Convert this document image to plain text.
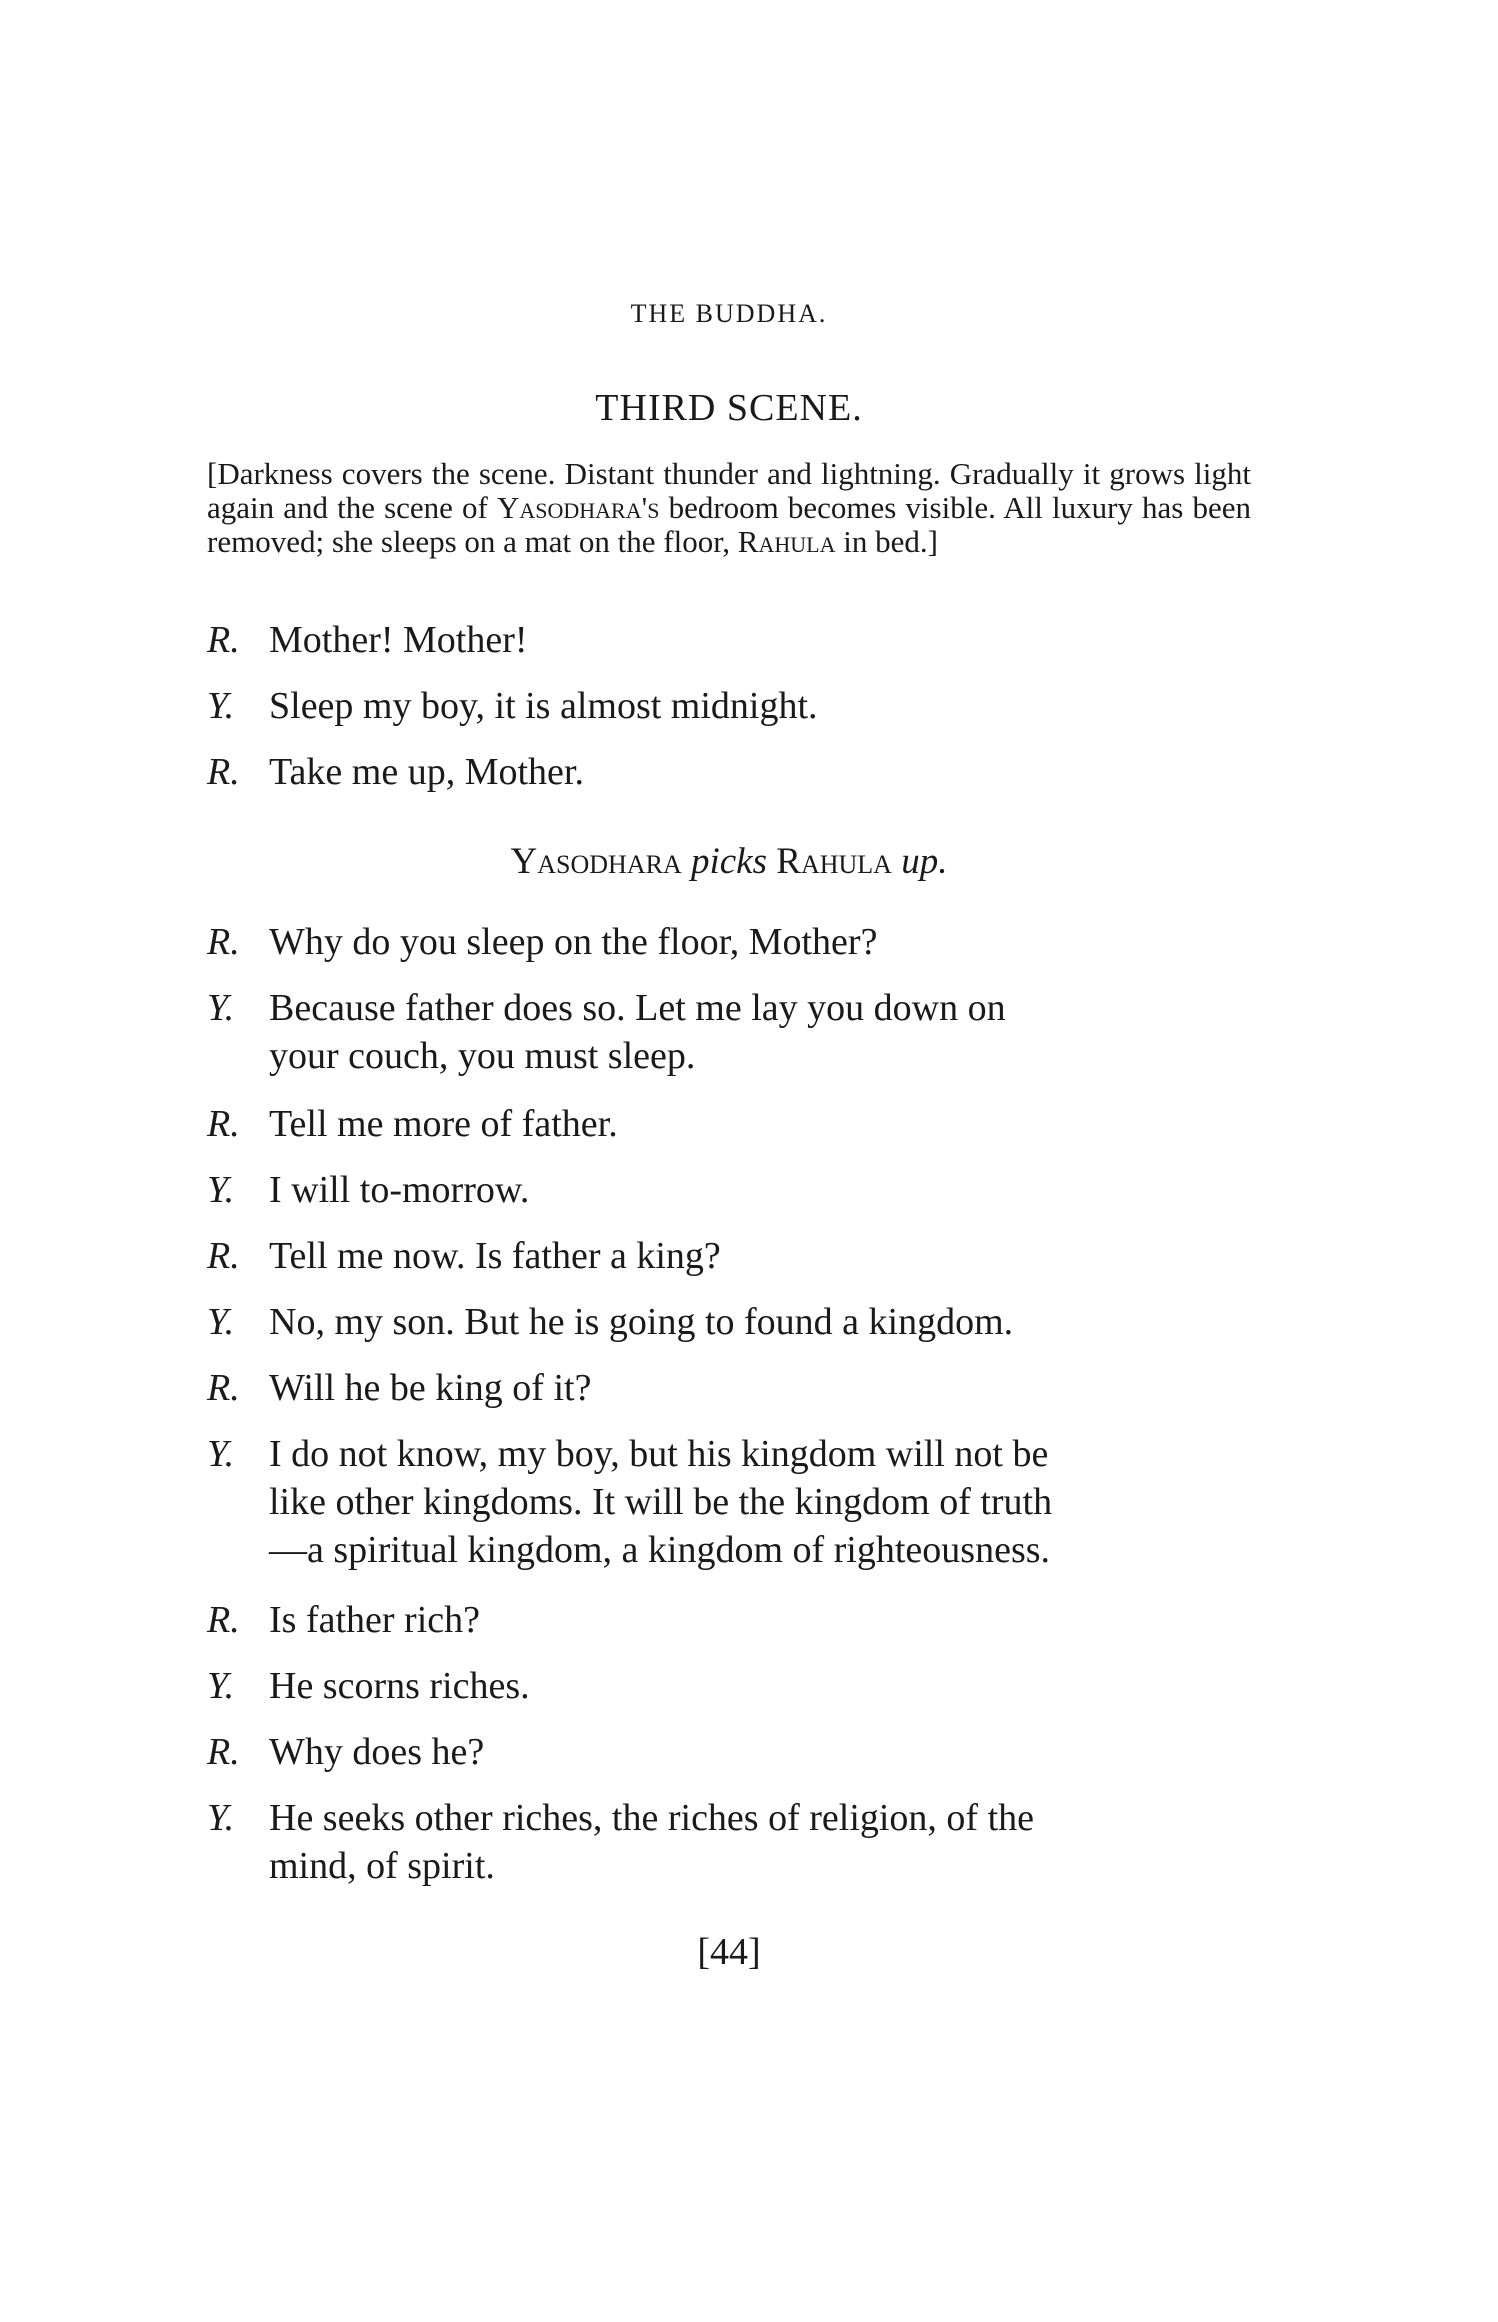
THE BUDDHA.
THIRD SCENE.
[Darkness covers the scene. Distant thunder and lightning. Gradually it grows light again and the scene of Yasodhara's bedroom becomes visible. All luxury has been removed; she sleeps on a mat on the floor, Rahula in bed.]
R. Mother! Mother!
Y. Sleep my boy, it is almost midnight.
R. Take me up, Mother.
Yasodhara picks Rahula up.
R. Why do you sleep on the floor, Mother?
Y. Because father does so. Let me lay you down on
your couch, you must sleep.
R. Tell me more of father.
Y. I will to-morrow.
R. Tell me now. Is father a king?
Y. No, my son. But he is going to found a kingdom.
R. Will he be king of it?
Y. I do not know, my boy, but his kingdom will not be
like other kingdoms. It will be the kingdom of truth
—a spiritual kingdom, a kingdom of righteousness.
R. Is father rich?
Y. He scorns riches.
R. Why does he?
Y. He seeks other riches, the riches of religion, of the
mind, of spirit.
[44]
